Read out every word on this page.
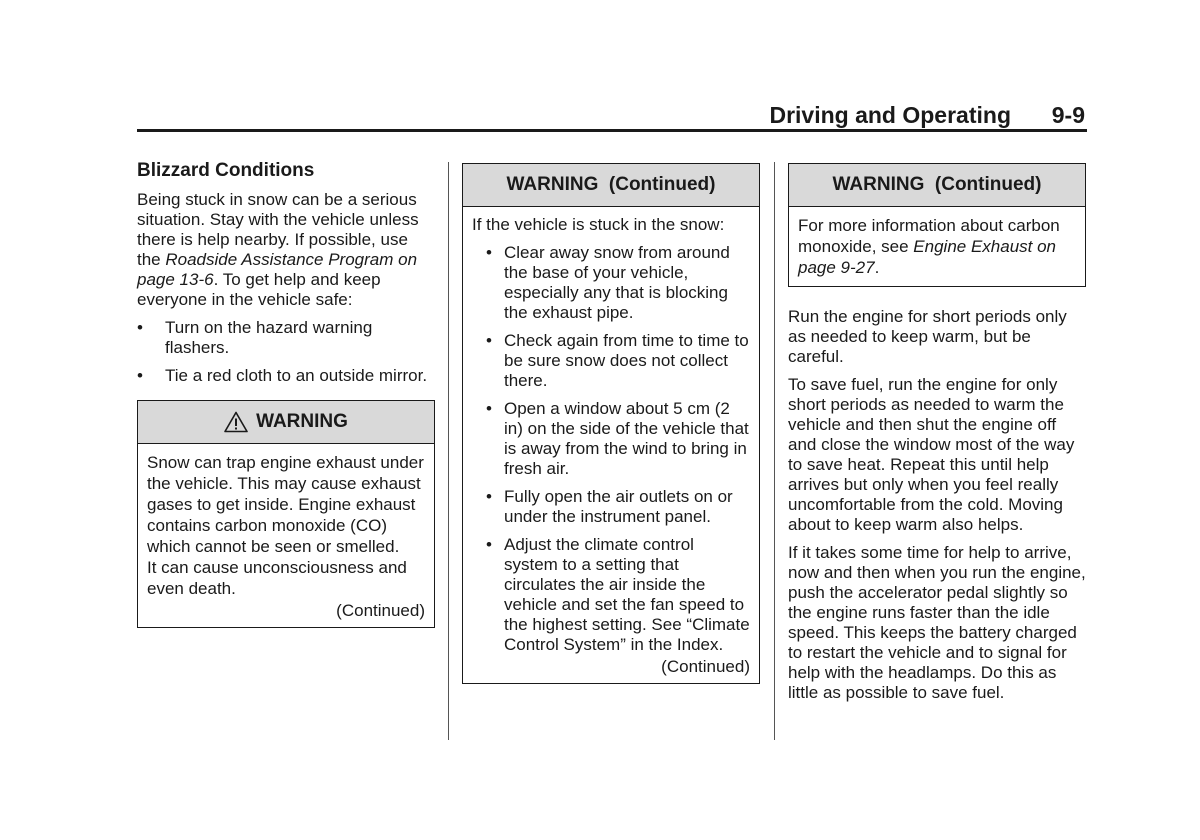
Driving and Operating 9-9
Blizzard Conditions

Being stuck in snow can be a serious situation. Stay with the vehicle unless there is help nearby. If possible, use the Roadside Assistance Program on page 13-6. To get help and keep everyone in the vehicle safe:

• Turn on the hazard warning flashers.
• Tie a red cloth to an outside mirror.
WARNING
Snow can trap engine exhaust under the vehicle. This may cause exhaust gases to get inside. Engine exhaust contains carbon monoxide (CO) which cannot be seen or smelled.
It can cause unconsciousness and even death.
(Continued)
WARNING  (Continued)

If the vehicle is stuck in the snow:

• Clear away snow from around the base of your vehicle, especially any that is blocking the exhaust pipe.
• Check again from time to time to be sure snow does not collect there.
• Open a window about 5 cm (2 in) on the side of the vehicle that is away from the wind to bring in fresh air.
• Fully open the air outlets on or under the instrument panel.
• Adjust the climate control system to a setting that circulates the air inside the vehicle and set the fan speed to the highest setting. See “Climate Control System” in the Index.
(Continued)
WARNING  (Continued)
For more information about carbon monoxide, see Engine Exhaust on page 9-27.

Run the engine for short periods only as needed to keep warm, but be careful.

To save fuel, run the engine for only short periods as needed to warm the vehicle and then shut the engine off and close the window most of the way to save heat. Repeat this until help arrives but only when you feel really uncomfortable from the cold. Moving about to keep warm also helps.

If it takes some time for help to arrive, now and then when you run the engine, push the accelerator pedal slightly so the engine runs faster than the idle speed. This keeps the battery charged to restart the vehicle and to signal for help with the headlamps. Do this as little as possible to save fuel.
